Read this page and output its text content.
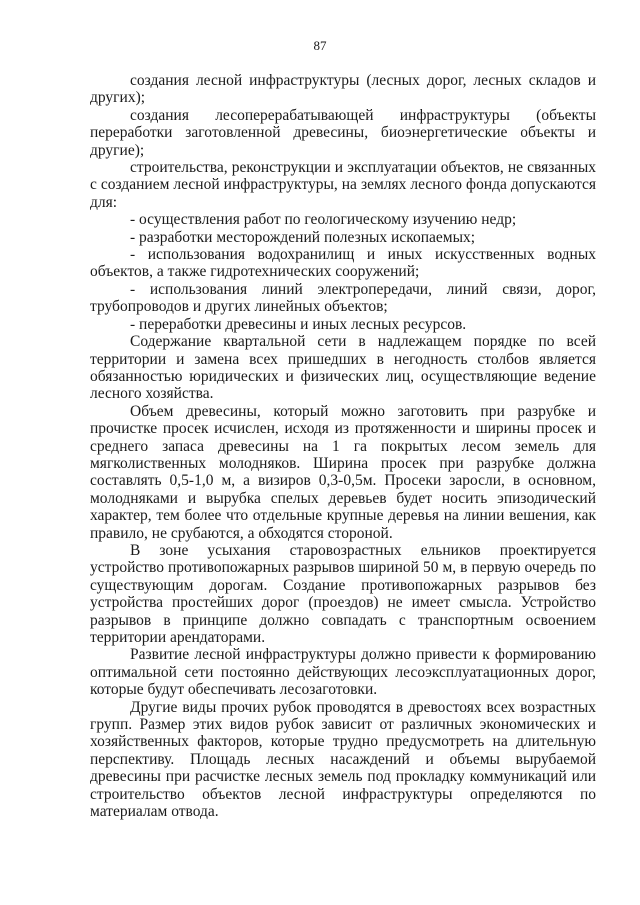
87

создания лесной инфраструктуры (лесных дорог, лесных складов и других);

создания лесоперерабатывающей инфраструктуры (объекты переработки заготовленной древесины, биоэнергетические объекты и другие);

строительства, реконструкции и эксплуатации объектов, не связанных с созданием лесной инфраструктуры, на землях лесного фонда допускаются для:

- осуществления работ по геологическому изучению недр;

- разработки месторождений полезных ископаемых;

- использования водохранилищ и иных искусственных водных объектов, а также гидротехнических сооружений;

- использования линий электропередачи, линий связи, дорог, трубопроводов и других линейных объектов;

- переработки древесины и иных лесных ресурсов.

Содержание квартальной сети в надлежащем порядке по всей территории и замена всех пришедших в негодность столбов является обязанностью юридических и физических лиц, осуществляющие ведение лесного хозяйства.

Объем древесины, который можно заготовить при разрубке и прочистке просек исчислен, исходя из протяженности и ширины просек и среднего запаса древесины на 1 га покрытых лесом земель для мягколиственных молодняков. Ширина просек при разрубке должна составлять 0,5-1,0 м, а визиров 0,3-0,5м. Просеки заросли, в основном, молодняками и вырубка спелых деревьев будет носить эпизодический характер, тем более что отдельные крупные деревья на линии вешения, как правило, не срубаются, а обходятся стороной.

В зоне усыхания старовозрастных ельников проектируется устройство противопожарных разрывов шириной 50 м, в первую очередь по существующим дорогам. Создание противопожарных разрывов без устройства простейших дорог (проездов) не имеет смысла. Устройство разрывов в принципе должно совпадать с транспортным освоением территории арендаторами.

Развитие лесной инфраструктуры должно привести к формированию оптимальной сети постоянно действующих лесоэксплуатационных дорог, которые будут обеспечивать лесозаготовки.

Другие виды прочих рубок проводятся в древостоях всех возрастных групп. Размер этих видов рубок зависит от различных экономических и хозяйственных факторов, которые трудно предусмотреть на длительную перспективу. Площадь лесных насаждений и объемы вырубаемой древесины при расчистке лесных земель под прокладку коммуникаций или строительство объектов лесной инфраструктуры определяются по материалам отвода.
